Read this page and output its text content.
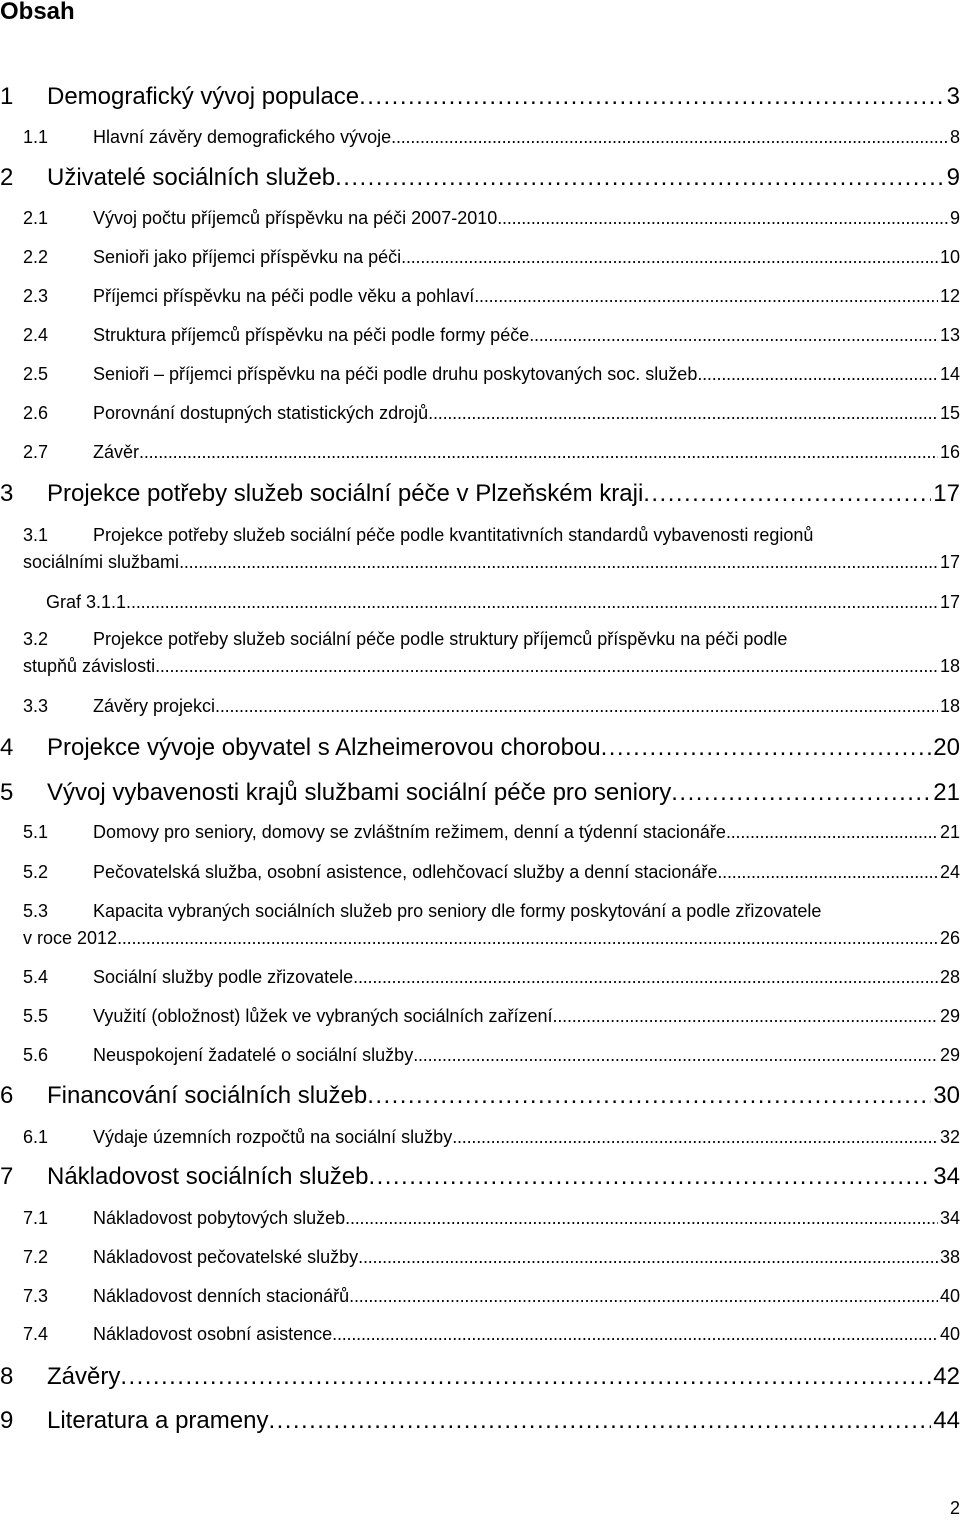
Obsah
1	Demografický vývoj populace . . .	3
1.1	Hlavní závěry demografického vývoje . . .	8
2	Uživatelé sociálních služeb . . .	9
2.1	Vývoj počtu příjemců příspěvku na péči 2007-2010 . . .	9
2.2	Senioři jako příjemci příspěvku na péči . . .	10
2.3	Příjemci příspěvku na péči podle věku a pohlaví . . .	12
2.4	Struktura příjemců příspěvku na péči podle formy péče . . .	13
2.5	Senioři – příjemci příspěvku na péči podle druhu poskytovaných soc. služeb . . .	14
2.6	Porovnání dostupných statistických zdrojů . . .	15
2.7	Závěr . . .	16
3	Projekce potřeby služeb sociální péče v Plzeňském kraji . . .	17
3.1	Projekce potřeby služeb sociální péče podle kvantitativních standardů vybavenosti regionů
sociálními službami . . .	17
Graf 3.1.1. . . .	17
3.2	Projekce potřeby služeb sociální péče podle struktury příjemců příspěvku na péči podle
stupňů závislosti . . .	18
3.3	Závěry projekci . . .	18
4	Projekce vývoje obyvatel s Alzheimerovou chorobou . . .	20
5	Vývoj vybavenosti krajů službami sociální péče pro seniory . . .	21
5.1	Domovy pro seniory, domovy se zvláštním režimem, denní a týdenní stacionáře . . .	21
5.2	Pečovatelská služba, osobní asistence, odlehčovací služby a denní stacionáře . . .	24
5.3	Kapacita vybraných sociálních služeb pro seniory dle formy poskytování a podle zřizovatele
v roce 2012 . . .	26
5.4	Sociální služby podle zřizovatele . . .	28
5.5	Využití (obložnost) lůžek ve vybraných sociálních zařízení . . .	29
5.6	Neuspokojení žadatelé o sociální služby . . .	29
6	Financování sociálních služeb . . .	30
6.1	Výdaje územních rozpočtů na sociální služby . . .	32
7	Nákladovost sociálních služeb . . .	34
7.1	Nákladovost pobytových služeb . . .	34
7.2	Nákladovost pečovatelské služby . . .	38
7.3	Nákladovost denních stacionářů . . .	40
7.4	Nákladovost osobní asistence . . .	40
8	Závěry . . .	42
9	Literatura a prameny . . .	44
2
